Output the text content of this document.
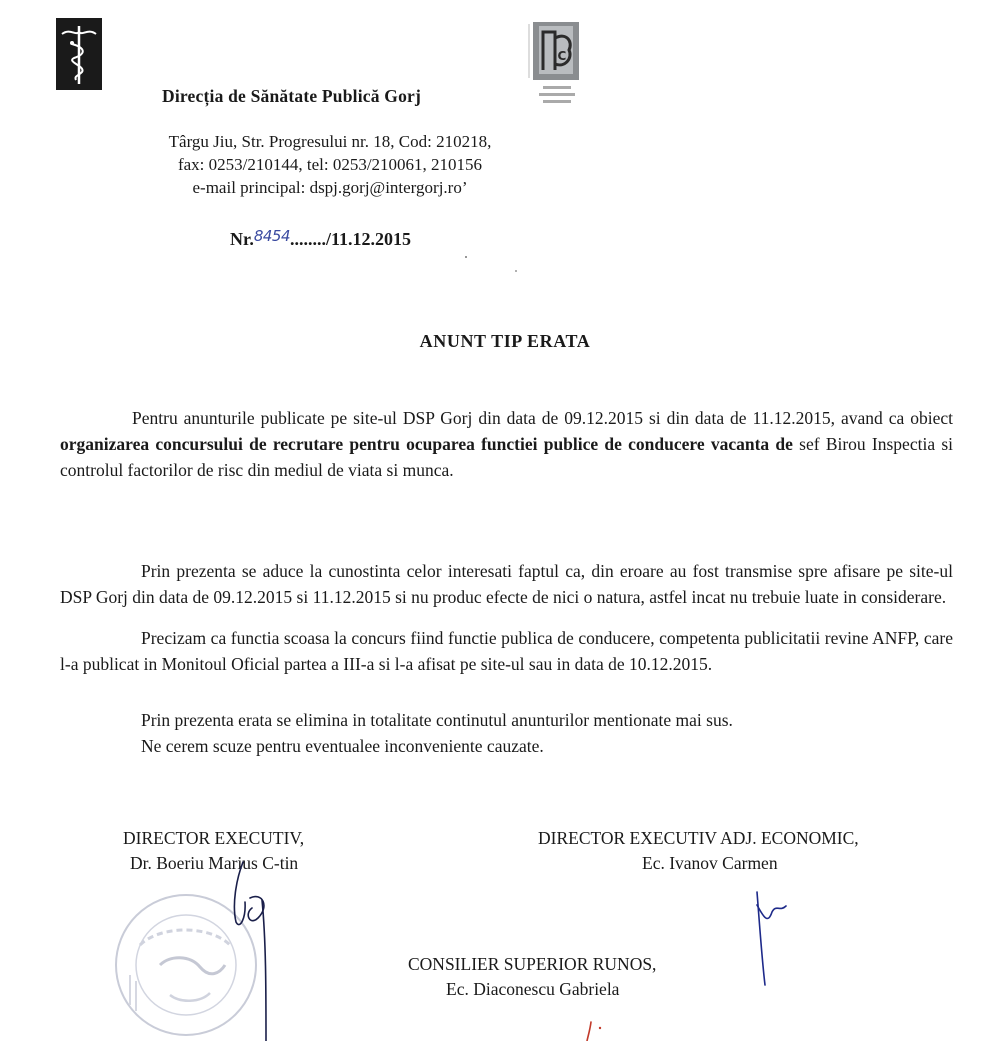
IC
Direcția de Sănătate Publică Gorj
Târgu Jiu, Str. Progresului nr. 18, Cod: 210218,
fax: 0253/210144, tel: 0253/210061, 210156
e-mail principal: dspj.gorj@intergorj.ro’
Nr.$^{8454}$......../11.12.2015
ANUNT TIP ERATA
Pentru anunturile publicate pe site-ul DSP Gorj din data de 09.12.2015 si din data de 11.12.2015, avand ca obiect organizarea concursului de recrutare pentru ocuparea functiei publice de conducere vacanta de sef Birou Inspectia si controlul factorilor de risc din mediul de viata si munca.
Prin prezenta se aduce la cunostinta celor interesati faptul ca, din eroare au fost transmise spre afisare pe site-ul DSP Gorj din data de 09.12.2015 si 11.12.2015 si nu produc efecte de nici o natura, astfel incat nu trebuie luate in considerare.
Precizam ca functia scoasa la concurs fiind functie publica de conducere, competenta publicitatii revine ANFP, care l-a publicat in Monitoul Oficial partea a III-a si l-a afisat pe site-ul sau in data de 10.12.2015.
Prin prezenta erata se elimina in totalitate continutul anunturilor mentionate mai sus.
Ne cerem scuze pentru eventualee inconveniente cauzate.
DIRECTOR EXECUTIV,
Dr. Boeriu Marius C-tin
DIRECTOR EXECUTIV ADJ. ECONOMIC,
Ec. Ivanov Carmen
CONSILIER SUPERIOR RUNOS,
Ec. Diaconescu Gabriela
